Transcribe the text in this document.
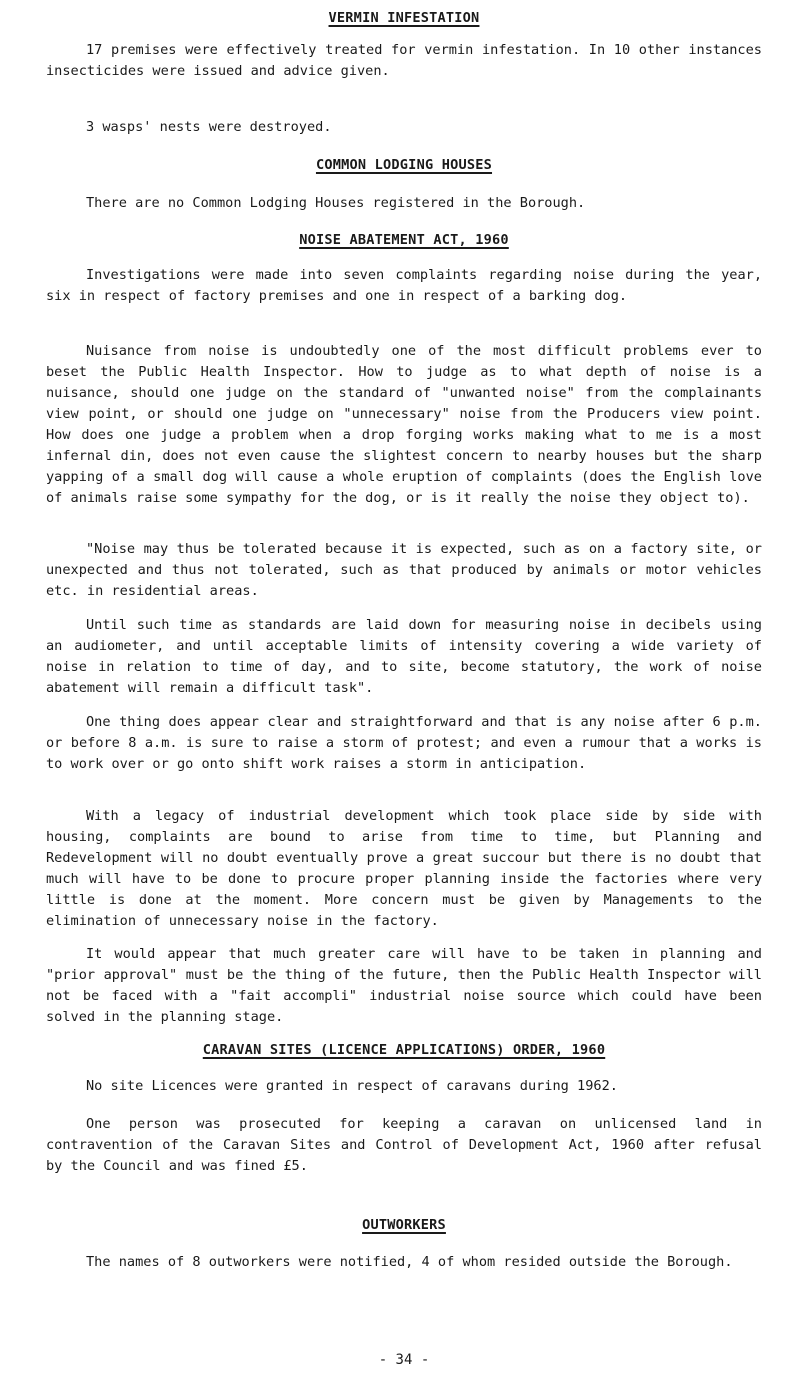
VERMIN INFESTATION

17 premises were effectively treated for vermin infestation. In 10 other instances insecticides were issued and advice given.

3 wasps' nests were destroyed.

COMMON LODGING HOUSES

There are no Common Lodging Houses registered in the Borough.

NOISE ABATEMENT ACT, 1960

Investigations were made into seven complaints regarding noise during the year, six in respect of factory premises and one in respect of a barking dog.

Nuisance from noise is undoubtedly one of the most difficult problems ever to beset the Public Health Inspector. How to judge as to what depth of noise is a nuisance, should one judge on the standard of "unwanted noise" from the complainants view point, or should one judge on "unnecessary" noise from the Producers view point. How does one judge a problem when a drop forging works making what to me is a most infernal din, does not even cause the slightest concern to nearby houses but the sharp yapping of a small dog will cause a whole eruption of complaints (does the English love of animals raise some sympathy for the dog, or is it really the noise they object to).

"Noise may thus be tolerated because it is expected, such as on a factory site, or unexpected and thus not tolerated, such as that produced by animals or motor vehicles etc. in residential areas.

Until such time as standards are laid down for measuring noise in decibels using an audiometer, and until acceptable limits of intensity covering a wide variety of noise in relation to time of day, and to site, become statutory, the work of noise abatement will remain a difficult task".

One thing does appear clear and straightforward and that is any noise after 6 p.m. or before 8 a.m. is sure to raise a storm of protest; and even a rumour that a works is to work over or go onto shift work raises a storm in anticipation.

With a legacy of industrial development which took place side by side with housing, complaints are bound to arise from time to time, but Planning and Redevelopment will no doubt eventually prove a great succour but there is no doubt that much will have to be done to procure proper planning inside the factories where very little is done at the moment. More concern must be given by Managements to the elimination of unnecessary noise in the factory.

It would appear that much greater care will have to be taken in planning and "prior approval" must be the thing of the future, then the Public Health Inspector will not be faced with a "fait accompli" industrial noise source which could have been solved in the planning stage.

CARAVAN SITES (LICENCE APPLICATIONS) ORDER, 1960

No site Licences were granted in respect of caravans during 1962.

One person was prosecuted for keeping a caravan on unlicensed land in contravention of the Caravan Sites and Control of Development Act, 1960 after refusal by the Council and was fined £5.

OUTWORKERS

The names of 8 outworkers were notified, 4 of whom resided outside the Borough.

- 34 -
